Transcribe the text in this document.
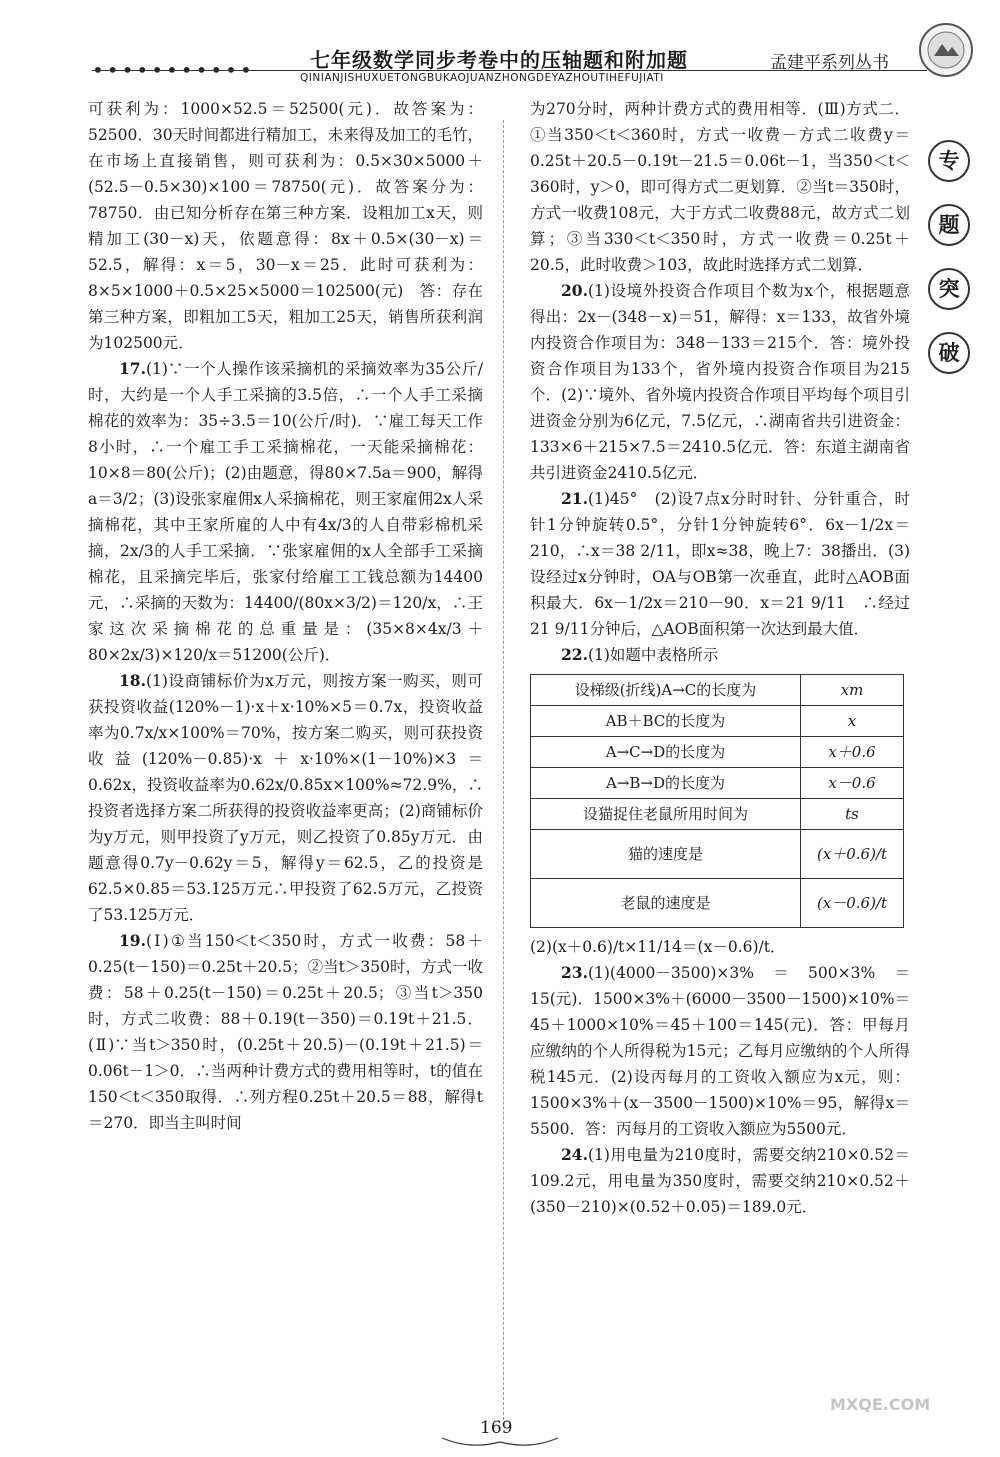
•••••••••••	七年级数学同步考卷中的压轴题和附加题	孟建平系列丛书
QINIANJISHUXUETONGBUKAOJUANZHONGDEYAZHOUTIHEFUJIATI
专
题
突
破

可获利为：1000×52.5＝52500(元)．故答案为：52500．30天时间都进行精加工，未来得及加工的毛竹，在市场上直接销售，则可获利为：0.5×30×5000＋(52.5－0.5×30)×100＝78750(元)．故答案分为：78750．由已知分析存在第三种方案．设粗加工x天，则精加工(30－x)天，依题意得：8x＋0.5×(30－x)＝52.5，解得：x＝5，30－x＝25．此时可获利为：8×5×1000＋0.5×25×5000＝102500(元)　答：存在第三种方案，即粗加工5天，粗加工25天，销售所获利润为102500元．

17.(1)∵一个人操作该采摘机的采摘效率为35公斤/时，大约是一个人手工采摘的3.5倍，∴一个人手工采摘棉花的效率为：35÷3.5＝10(公斤/时)．∵雇工每天工作8小时，∴一个雇工手工采摘棉花，一天能采摘棉花：10×8＝80(公斤)；(2)由题意，得80×7.5a＝900，解得a＝3/2；(3)设张家雇佣x人采摘棉花，则王家雇佣2x人采摘棉花，其中王家所雇的人中有4x/3的人自带彩棉机采摘，2x/3的人手工采摘．∵张家雇佣的x人全部手工采摘棉花，且采摘完毕后，张家付给雇工工钱总额为14400元，∴采摘的天数为：14400/(80x×3/2)＝120/x，∴王家这次采摘棉花的总重量是：(35×8×4x/3＋80×2x/3)×120/x＝51200(公斤)．

18.(1)设商铺标价为x万元，则按方案一购买，则可获投资收益(120%－1)·x＋x·10%×5＝0.7x，投资收益率为0.7x/x×100%＝70%，按方案二购买，则可获投资收益(120%－0.85)·x＋x·10%×(1－10%)×3＝0.62x，投资收益率为0.62x/0.85x×100%≈72.9%，∴投资者选择方案二所获得的投资收益率更高；(2)商铺标价为y万元，则甲投资了y万元，则乙投资了0.85y万元．由题意得0.7y－0.62y＝5，解得y＝62.5，乙的投资是62.5×0.85＝53.125万元∴甲投资了62.5万元，乙投资了53.125万元．

19.(Ⅰ)①当150＜t＜350时，方式一收费：58＋0.25(t－150)＝0.25t＋20.5；②当t＞350时，方式一收费：58＋0.25(t－150)＝0.25t＋20.5；③当t＞350时，方式二收费：88＋0.19(t－350)＝0.19t＋21.5．(Ⅱ)∵当t＞350时，(0.25t＋20.5)－(0.19t＋21.5)＝0.06t－1＞0．∴当两种计费方式的费用相等时，t的值在150＜t＜350取得．∴列方程0.25t＋20.5＝88，解得t＝270．即当主叫时间

为270分时，两种计费方式的费用相等．(Ⅲ)方式二．①当350＜t＜360时，方式一收费－方式二收费y＝0.25t＋20.5－0.19t－21.5＝0.06t－1，当350＜t＜360时，y＞0，即可得方式二更划算．②当t＝350时，方式一收费108元，大于方式二收费88元，故方式二划算；③当330＜t＜350时，方式一收费＝0.25t＋20.5，此时收费＞103，故此时选择方式二划算．

20.(1)设境外投资合作项目个数为x个，根据题意得出：2x－(348－x)＝51，解得：x＝133，故省外境内投资合作项目为：348－133＝215个．答：境外投资合作项目为133个，省外境内投资合作项目为215个．(2)∵境外、省外境内投资合作项目平均每个项目引进资金分别为6亿元，7.5亿元，∴湖南省共引进资金：133×6＋215×7.5＝2410.5亿元．答：东道主湖南省共引进资金2410.5亿元．

21.(1)45°　(2)设7点x分时时针、分针重合，时针1分钟旋转0.5°，分针1分钟旋转6°．6x－1/2x＝210，∴x＝38 2/11，即x≈38，晚上7：38播出．(3)设经过x分钟时，OA与OB第一次垂直，此时△AOB面积最大．6x－1/2x＝210－90．x＝21 9/11　∴经过21 9/11分钟后，△AOB面积第一次达到最大值．

22.(1)如题中表格所示

设梯级(折线)A→C的长度为	xm
AB＋BC的长度为	x
A→C→D的长度为	x＋0.6
A→B→D的长度为	x－0.6
设猫捉住老鼠所用时间为	ts
猫的速度是	(x＋0.6)/t
老鼠的速度是	(x－0.6)/t

(2)(x＋0.6)/t×11/14＝(x－0.6)/t．

23.(1)(4000－3500)×3%＝500×3%＝15(元)．1500×3%＋(6000－3500－1500)×10%＝45＋1000×10%＝45＋100＝145(元)．答：甲每月应缴纳的个人所得税为15元；乙每月应缴纳的个人所得税145元．(2)设丙每月的工资收入额应为x元，则：1500×3%＋(x－3500－1500)×10%＝95，解得x＝5500．答：丙每月的工资收入额应为5500元．

24.(1)用电量为210度时，需要交纳210×0.52＝109.2元，用电量为350度时，需要交纳210×0.52＋(350－210)×(0.52＋0.05)＝189.0元．

169
MXQE.COM
